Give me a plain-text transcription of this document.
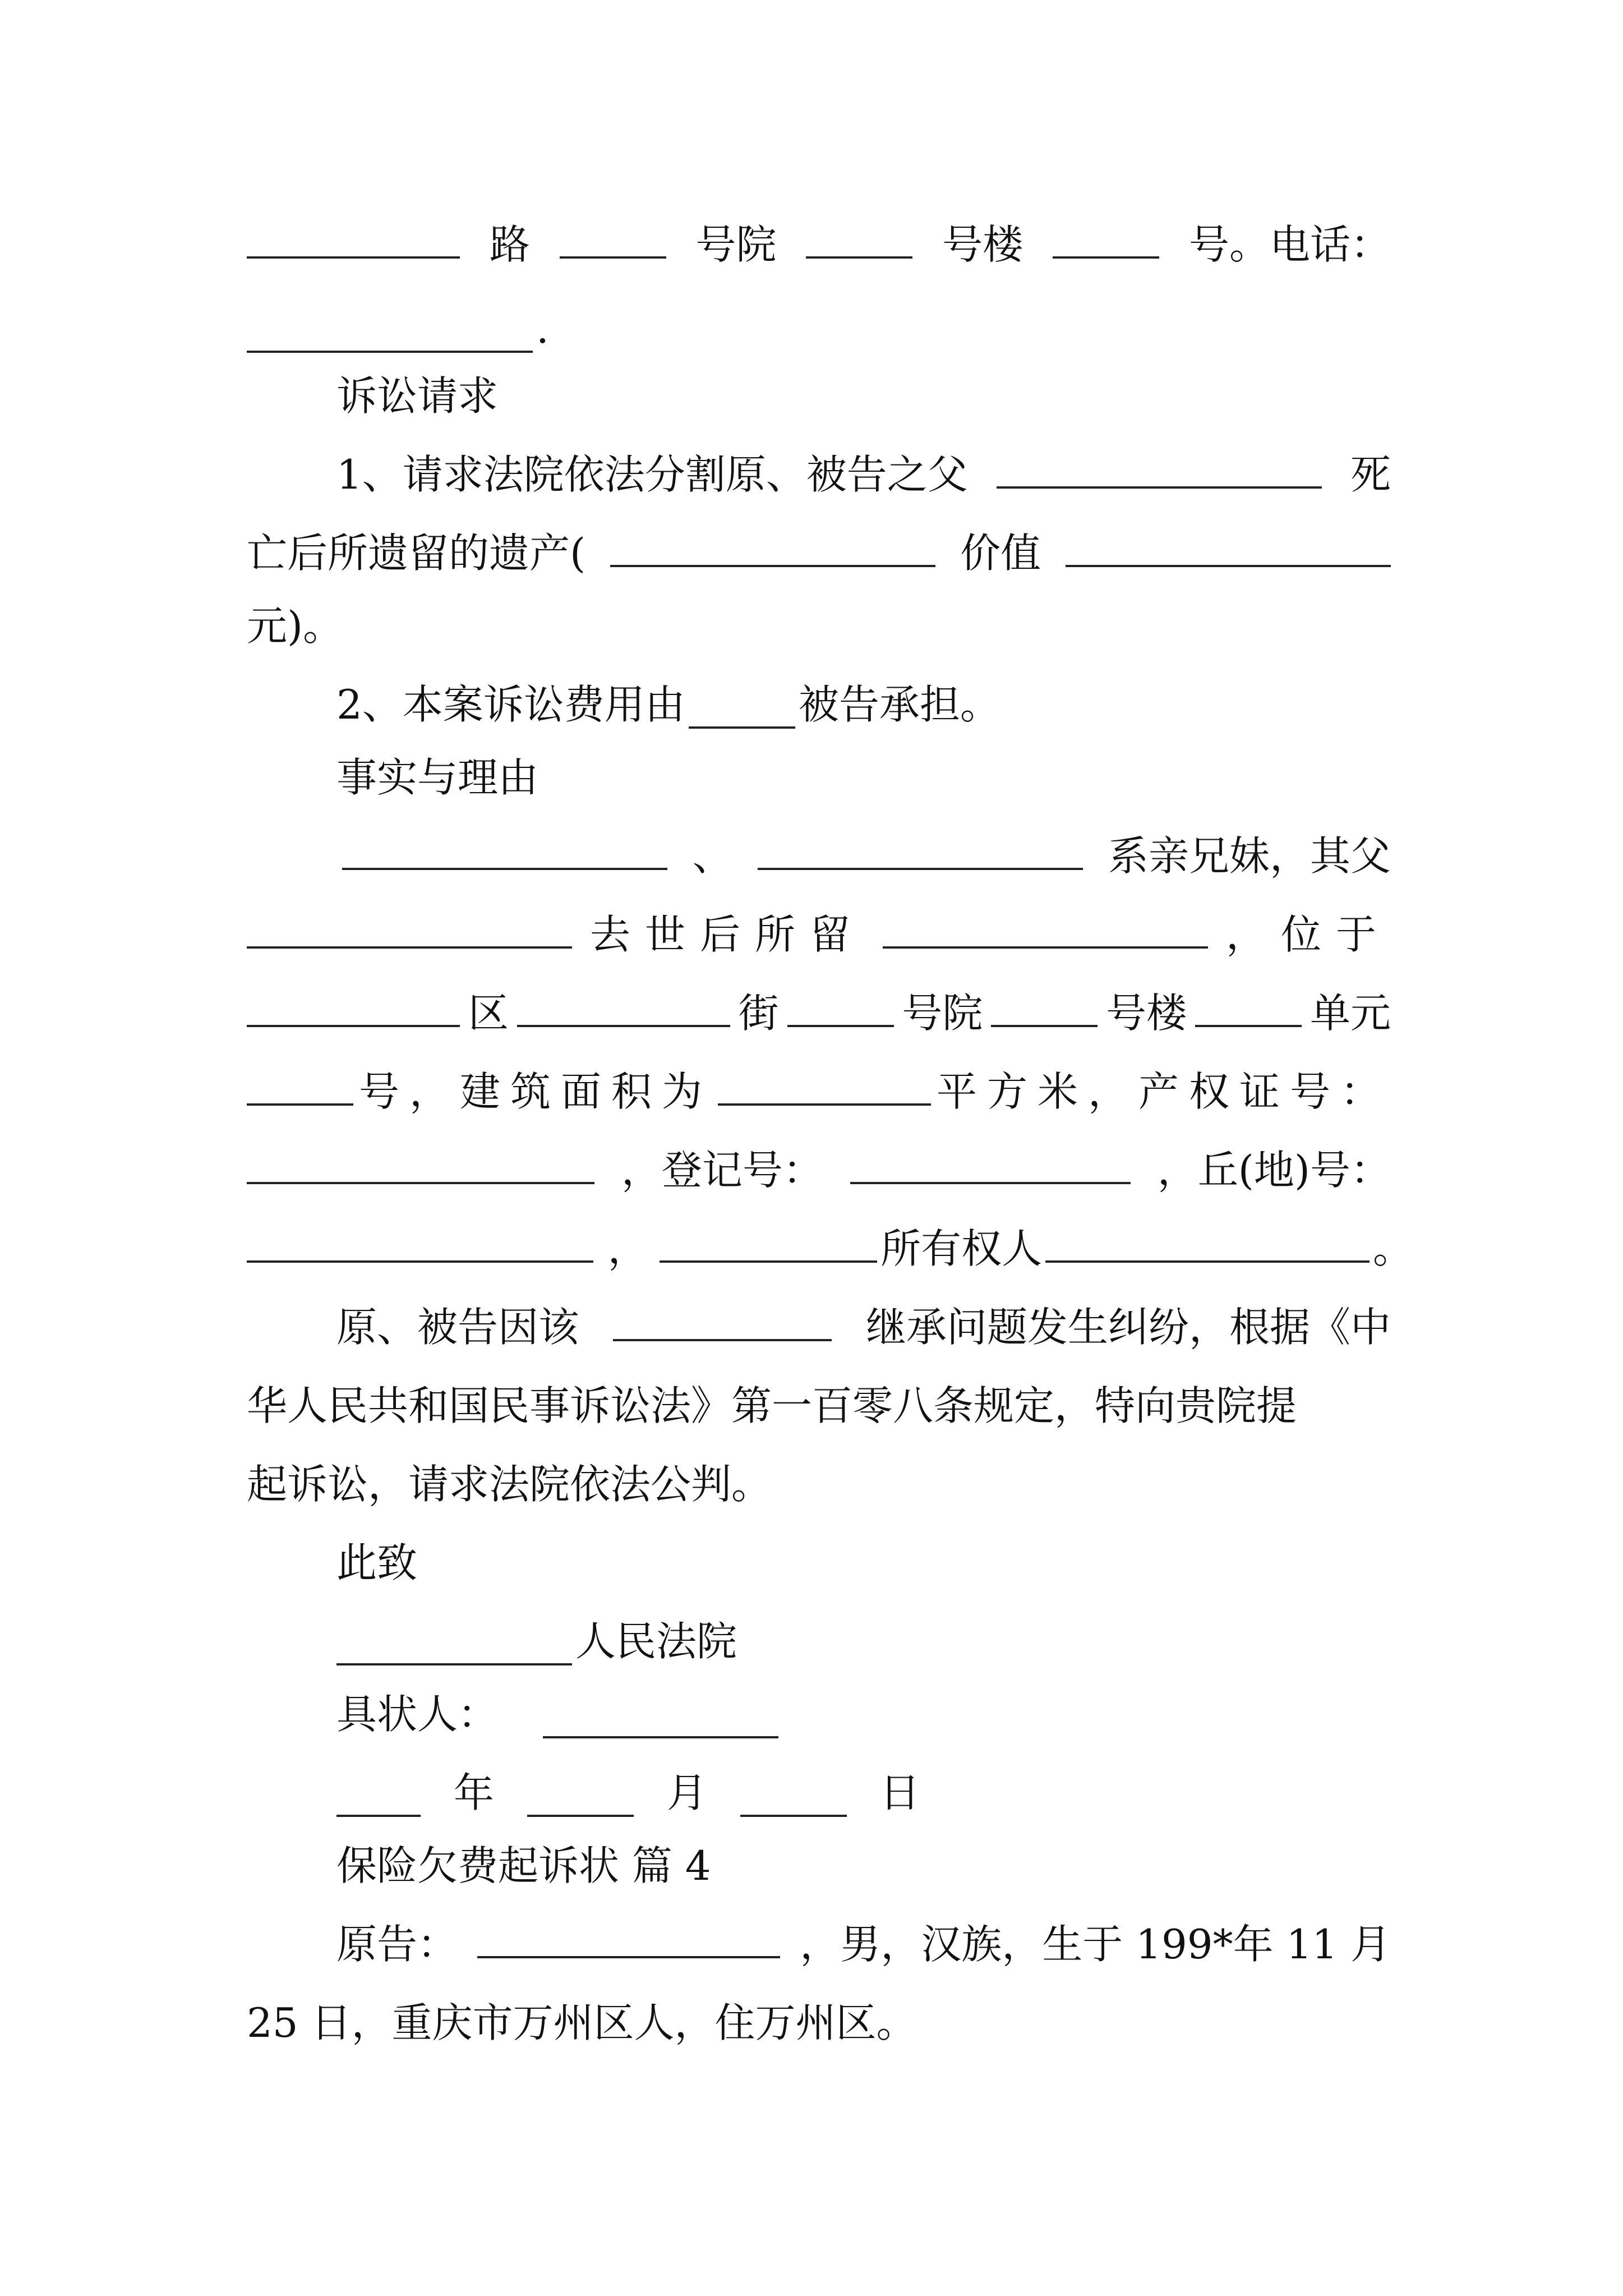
路	号院	号楼	号。电话：
.
诉讼请求
1、请求法院依法分割原、被告之父	死
亡后所遗留的遗产(	价值
元)。
2、本案诉讼费用由	被告承担。
事实与理由
、	系亲兄妹，其父
去世后所留	，位于
区	街	号院	号楼	单元
号，建筑面积为	平方米，产权证号：
，登记号：	，丘(地)号：
，	所有权人	。
原、被告因该	继承问题发生纠纷，根据《中
华人民共和国民事诉讼法》第一百零八条规定，特向贵院提
起诉讼，请求法院依法公判。
此致
人民法院
具状人：
年	月	日
保险欠费起诉状 篇 4
原告：	，男，汉族，生于 199*年 11 月
25 日，重庆市万州区人，住万州区。
